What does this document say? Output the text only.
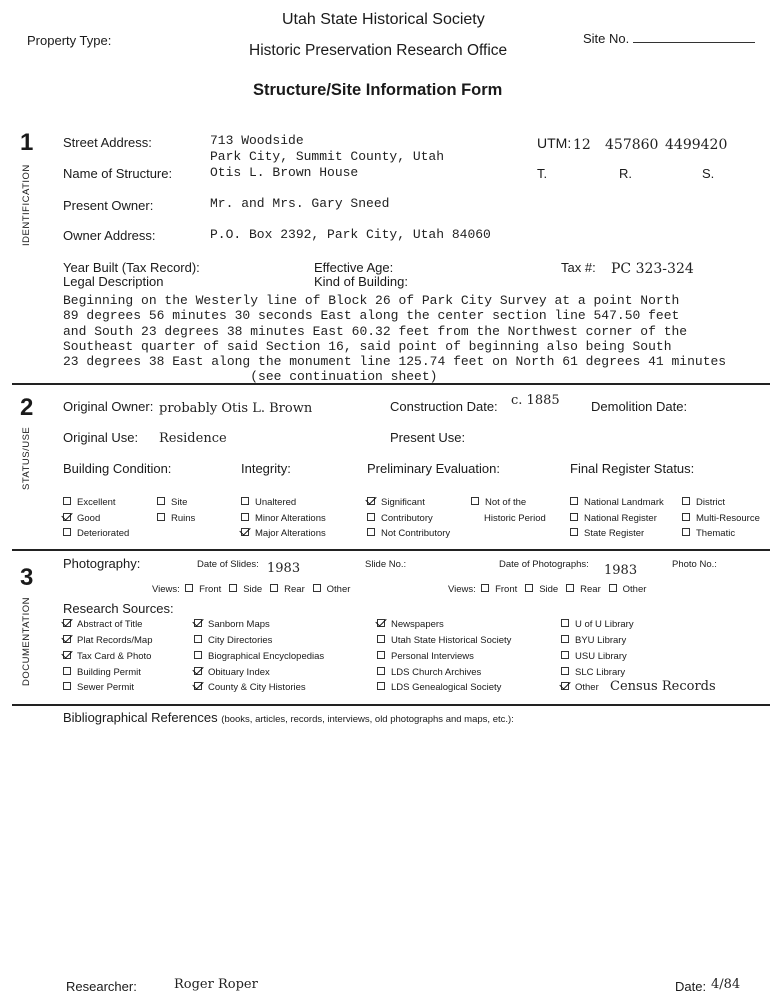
Utah State Historical Society
Property Type:	Site No.
Historic Preservation Research Office
Structure/Site Information Form
1
IDENTIFICATION
Street Address:	713 Woodside
Park City, Summit County, Utah
UTM: 12 457860 4499420
Name of Structure:	Otis L. Brown House	T.	R.	S.
Present Owner:	Mr. and Mrs. Gary Sneed
Owner Address:	P.O. Box 2392, Park City, Utah 84060
Year Built (Tax Record):	Effective Age:	Tax #: PC 323-324
Legal Description	Kind of Building:
Beginning on the Westerly line of Block 26 of Park City Survey at a point North
89 degrees 56 minutes 30 seconds East along the center section line 547.50 feet
and South 23 degrees 38 minutes East 60.32 feet from the Northwest corner of the
Southeast quarter of said Section 16, said point of beginning also being South
23 degrees 38 East along the monument line 125.74 feet on North 61 degrees 41 minutes
(see continuation sheet)
2
STATUS/USE
Original Owner: probably Otis L. Brown	Construction Date: c. 1885 Demolition Date:
Original Use: Residence	Present Use:
Building Condition:	Integrity:	Preliminary Evaluation:	Final Register Status:
Excellent	Site
Good	Ruins
Deteriorated
Unaltered
Minor Alterations
Major Alterations
Significant	Not of the
Contributory	Historic Period
Not Contributory
National Landmark	District
National Register	Multi-Resource
State Register	Thematic
3
DOCUMENTATION
Photography:	Date of Slides: 1983	Slide No.:	Date of Photographs: 1983	Photo No.:
Views: Front Side Rear Other	Views: Front Side Rear Other
Research Sources:
Abstract of Title
Plat Records/Map
Tax Card & Photo
Building Permit
Sewer Permit
Sanborn Maps
City Directories
Biographical Encyclopedias
Obituary Index
County & City Histories
Newspapers
Utah State Historical Society
Personal Interviews
LDS Church Archives
LDS Genealogical Society
U of U Library
BYU Library
USU Library
SLC Library
Other Census Records
Bibliographical References (books, articles, records, interviews, old photographs and maps, etc.):
Researcher:	Roger Roper	Date: 4/84
